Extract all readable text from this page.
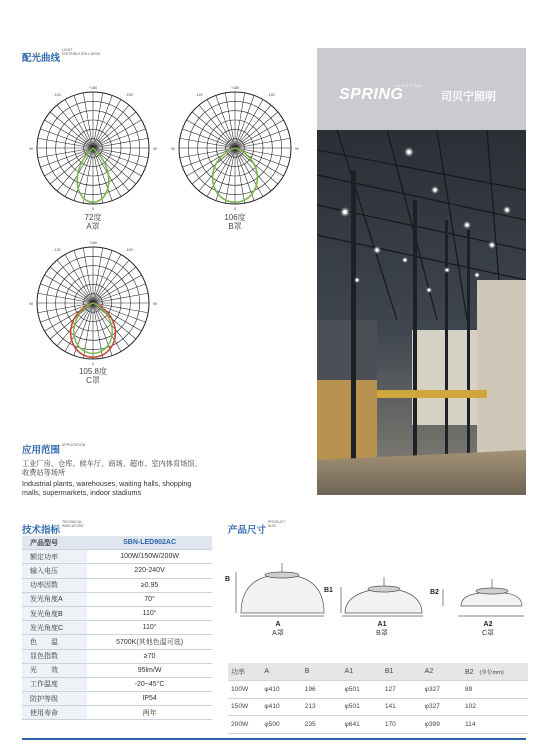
配光曲线
LIGHT
DISTRIBUTION CURVE
+180
-120	-150
90	90
0
72度
A罩
+180
-120	-150
90	90
0
106度
B罩
+180
-120	-150
90	90
0
105.8度
C罩
SPRING
LIGHTING
司贝宁照明
应用范围 APPLICATION
工业厂房、仓库、候车厅、商场、超市、室内体育场馆、收费站等场所
Industrial plants, warehouses, waiting halls, shopping malls, supermarkets, indoor stadiums
技术指标
TECHNICAL
INDICATORS
产品型号	SBN-LED902AC
额定功率	100W/150W/200W
输入电压	220-240V
功率因数	≥0.95
发光角度A	70°
发光角度B	110°
发光角度C	110°
色　　温	5700K(其他色温可选)
显色指数	≥70
光　　效	95lm/W
工作温度	-20~45°C
防护等级	IP54
使用寿命	两年
产品尺寸
PRODUCT
SIZE
B
B1	B2
A
A罩
A1
B罩
A2
C罩
功率	A	B	A1	B1	A2	B2 (单位mm)
100W	φ410	196	φ501	127	φ327	89
150W	φ410	213	φ501	141	φ327	102
200W	φ500	235	φ641	170	φ399	114
